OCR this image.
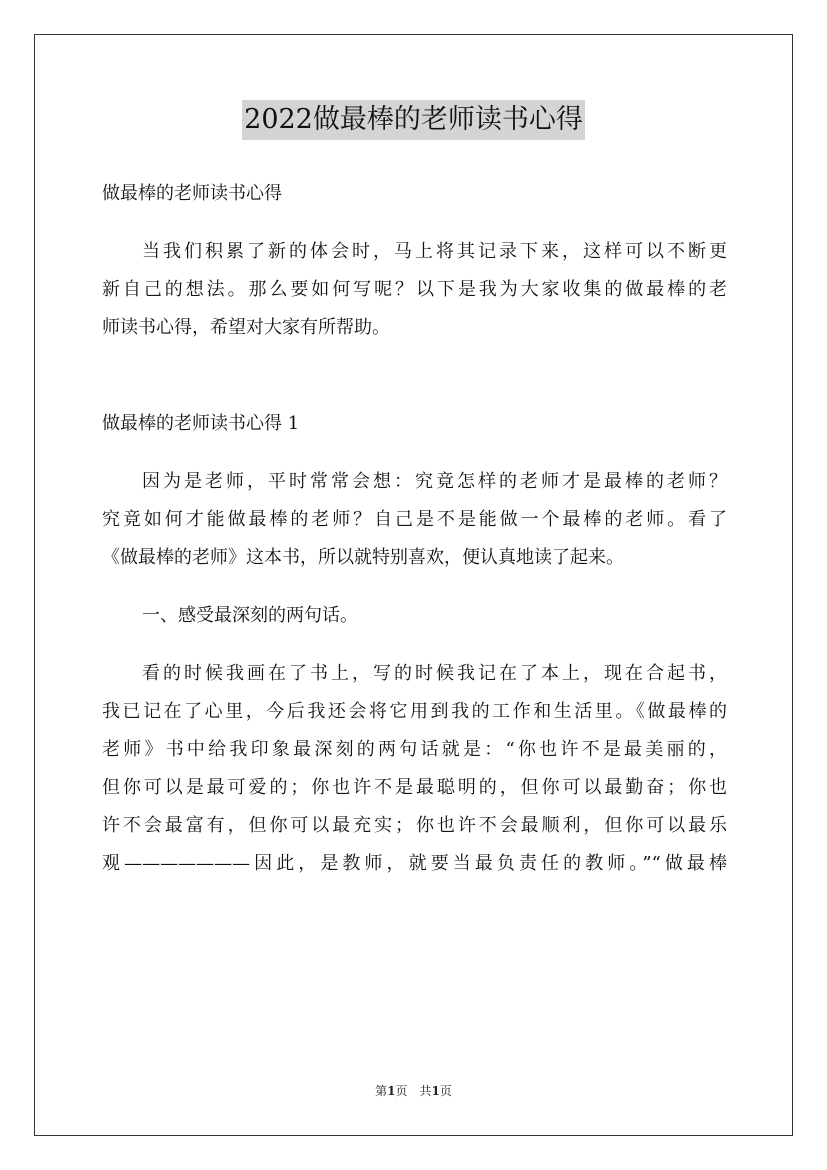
2022做最棒的老师读书心得
做最棒的老师读书心得
当我们积累了新的体会时，马上将其记录下来，这样可以不断更
新自己的想法。那么要如何写呢？以下是我为大家收集的做最棒的老
师读书心得，希望对大家有所帮助。
做最棒的老师读书心得 1
因为是老师，平时常常会想：究竟怎样的老师才是最棒的老师？
究竟如何才能做最棒的老师？自己是不是能做一个最棒的老师。看了
《做最棒的老师》这本书，所以就特别喜欢，便认真地读了起来。
一、感受最深刻的两句话。
看的时候我画在了书上，写的时候我记在了本上，现在合起书，
我已记在了心里，今后我还会将它用到我的工作和生活里。《做最棒的
老师》书中给我印象最深刻的两句话就是：“你也许不是最美丽的，
但你可以是最可爱的；你也许不是最聪明的，但你可以最勤奋；你也
许不会最富有，但你可以最充实；你也许不会最顺利，但你可以最乐
观———————因此，是教师，就要当最负责任的教师。”“做最棒
第1页　共1页
